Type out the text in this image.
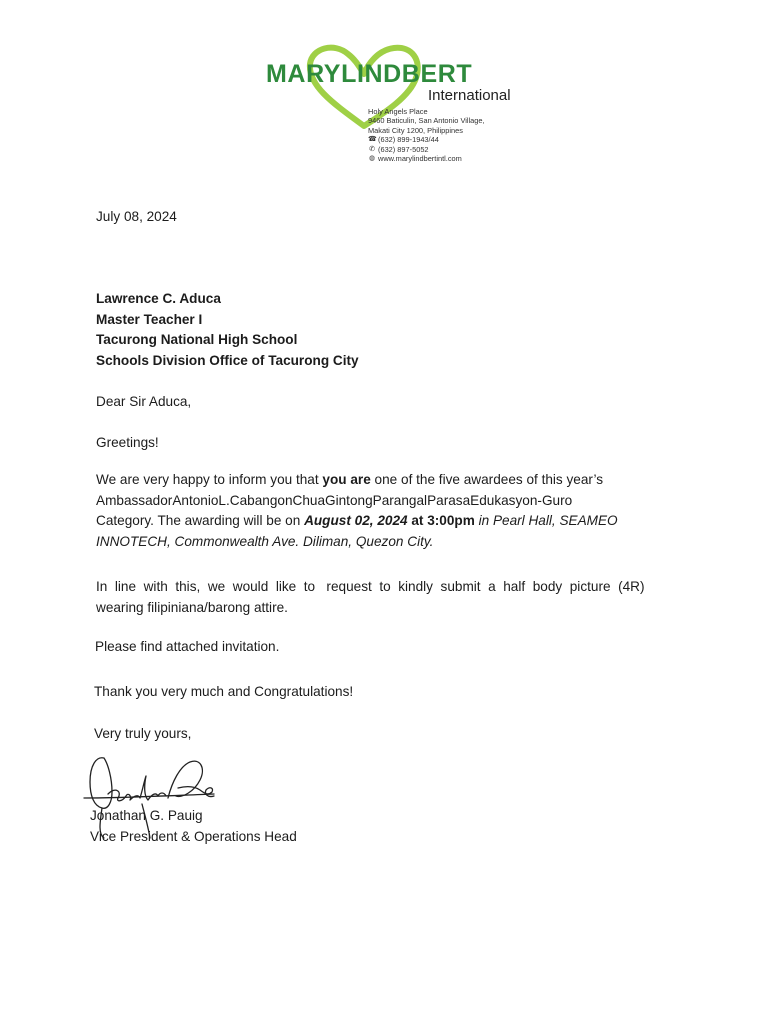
MARYLINDBERT
International
Holy Angels Place
9460 Baticulin, San Antonio Village,
Makati City 1200, Philippines
☎ (632) 899-1943/44
✆ (632) 897-5052
◍ www.marylindbertintl.com
July 08, 2024
Lawrence C. Aduca
Master Teacher I
Tacurong National High School
Schools Division Office of Tacurong City
Dear Sir Aduca,
Greetings!
We are very happy to inform you that you are one of the five awardees of this year’s
AmbassadorAntonioL.CabangonChuaGintongParangalParasaEdukasyon-Guro
Category. The awarding will be on August 02, 2024 at 3:00pm in Pearl Hall, SEAMEO
INNOTECH, Commonwealth Ave. Diliman, Quezon City.
In  line  with  this,  we  would  like  to   request  to  kindly  submit  a  half  body  picture  (4R)
wearing filipiniana/barong attire.
Please find attached invitation.
Thank you very much and Congratulations!
Very truly yours,
Jonathan G. Pauig
Vice President & Operations Head
